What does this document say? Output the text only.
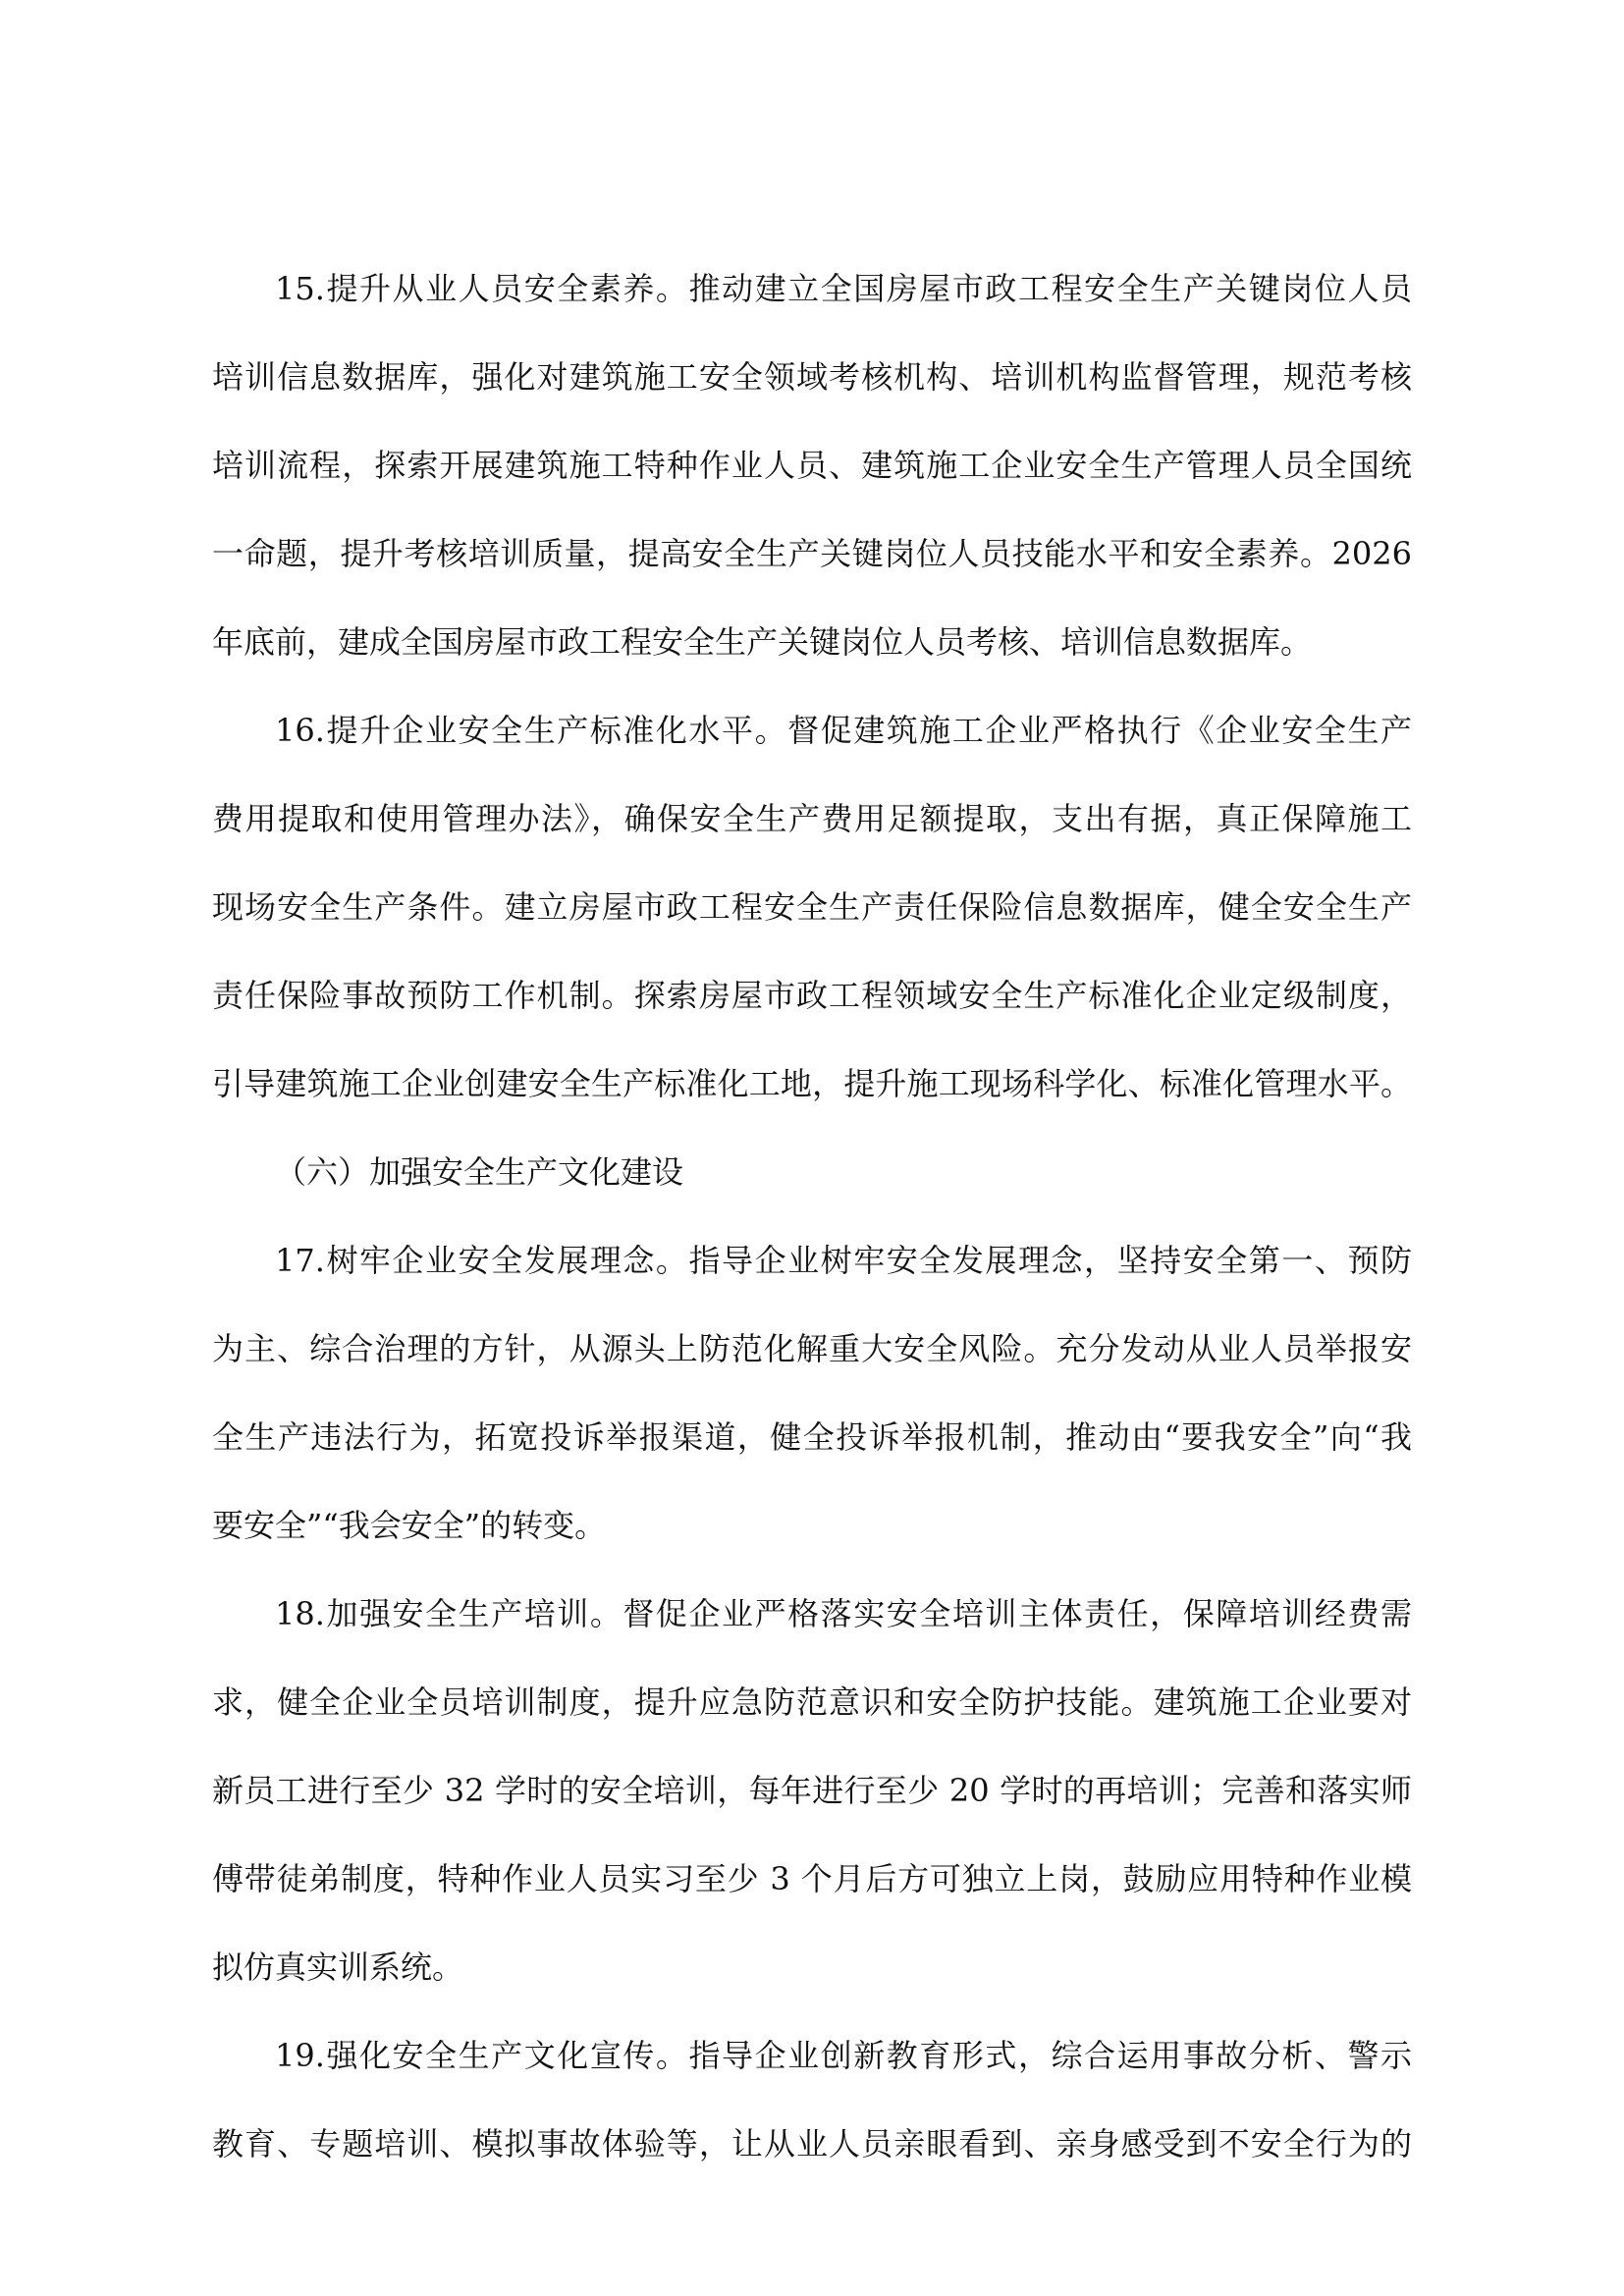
15.提升从业人员安全素养。推动建立全国房屋市政工程安全生产关键岗位人员
培训信息数据库，强化对建筑施工安全领域考核机构、培训机构监督管理，规范考核
培训流程，探索开展建筑施工特种作业人员、建筑施工企业安全生产管理人员全国统
一命题，提升考核培训质量，提高安全生产关键岗位人员技能水平和安全素养。2026
年底前，建成全国房屋市政工程安全生产关键岗位人员考核、培训信息数据库。
16.提升企业安全生产标准化水平。督促建筑施工企业严格执行《企业安全生产
费用提取和使用管理办法》，确保安全生产费用足额提取，支出有据，真正保障施工
现场安全生产条件。建立房屋市政工程安全生产责任保险信息数据库，健全安全生产
责任保险事故预防工作机制。探索房屋市政工程领域安全生产标准化企业定级制度，
引导建筑施工企业创建安全生产标准化工地，提升施工现场科学化、标准化管理水平。
（六）加强安全生产文化建设
17.树牢企业安全发展理念。指导企业树牢安全发展理念，坚持安全第一、预防
为主、综合治理的方针，从源头上防范化解重大安全风险。充分发动从业人员举报安
全生产违法行为，拓宽投诉举报渠道，健全投诉举报机制，推动由“要我安全”向“我
要安全”“我会安全”的转变。
18.加强安全生产培训。督促企业严格落实安全培训主体责任，保障培训经费需
求，健全企业全员培训制度，提升应急防范意识和安全防护技能。建筑施工企业要对
新员工进行至少 32 学时的安全培训，每年进行至少 20 学时的再培训；完善和落实师
傅带徒弟制度，特种作业人员实习至少 3 个月后方可独立上岗，鼓励应用特种作业模
拟仿真实训系统。
19.强化安全生产文化宣传。指导企业创新教育形式，综合运用事故分析、警示
教育、专题培训、模拟事故体验等，让从业人员亲眼看到、亲身感受到不安全行为的
